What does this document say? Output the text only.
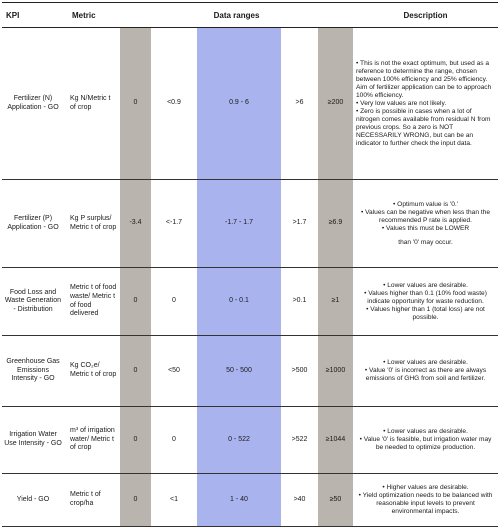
KPI	Metric	Data ranges					Description
Fertilizer (N) Application - GO	Kg N/Metric t of crop	0	<0.9	0.9 - 6	>6	≥200	• This is not the exact optimum, but used as a reference to determine the range, chosen between 100% efficiency and 25% efficiency. Aim of fertilizer application can be to approach 100% efficiency.
• Very low values are not likely.
• Zero is possible in cases when a lot of nitrogen comes available from residual N from previous crops. So a zero is NOT NECESSARILY WRONG, but can be an indicator to further check the input data.

Fertilizer (P) Application - GO	Kg P surplus/ Metric t of crop	-3.4	<-1.7	-1.7 - 1.7	>1.7	≥6.9	• Optimum value is '0.'
• Values can be negative when less than the recommended P rate is applied.
• Values this must be LOWER
than '0' may occur.

Food Loss and Waste Generation - Distribution	Metric t of food waste/ Metric t of food delivered	0	0	0 - 0.1	>0.1	≥1	• Lower values are desirable.
• Values higher than 0.1 (10% food waste) indicate opportunity for waste reduction.
• Values higher than 1 (total loss) are not possible.

Greenhouse Gas Emissions Intensity - GO	Kg CO₂e/ Metric t of crop	0	<50	50 - 500	>500	≥1000	• Lower values are desirable.
• Value '0' is incorrect as there are always emissions of GHG from soil and fertilizer.

Irrigation Water Use Intensity - GO	m³ of irrigation water/ Metric t of crop	0	0	0 - 522	>522	≥1044	• Lower values are desirable.
• Value '0' is feasible, but irrigation water may be needed to optimize production.

Yield - GO	Metric t of crop/ha	0	<1	1 - 40	>40	≥50	• Higher values are desirable.
• Yield optimization needs to be balanced with reasonable input levels to prevent environmental impacts.
